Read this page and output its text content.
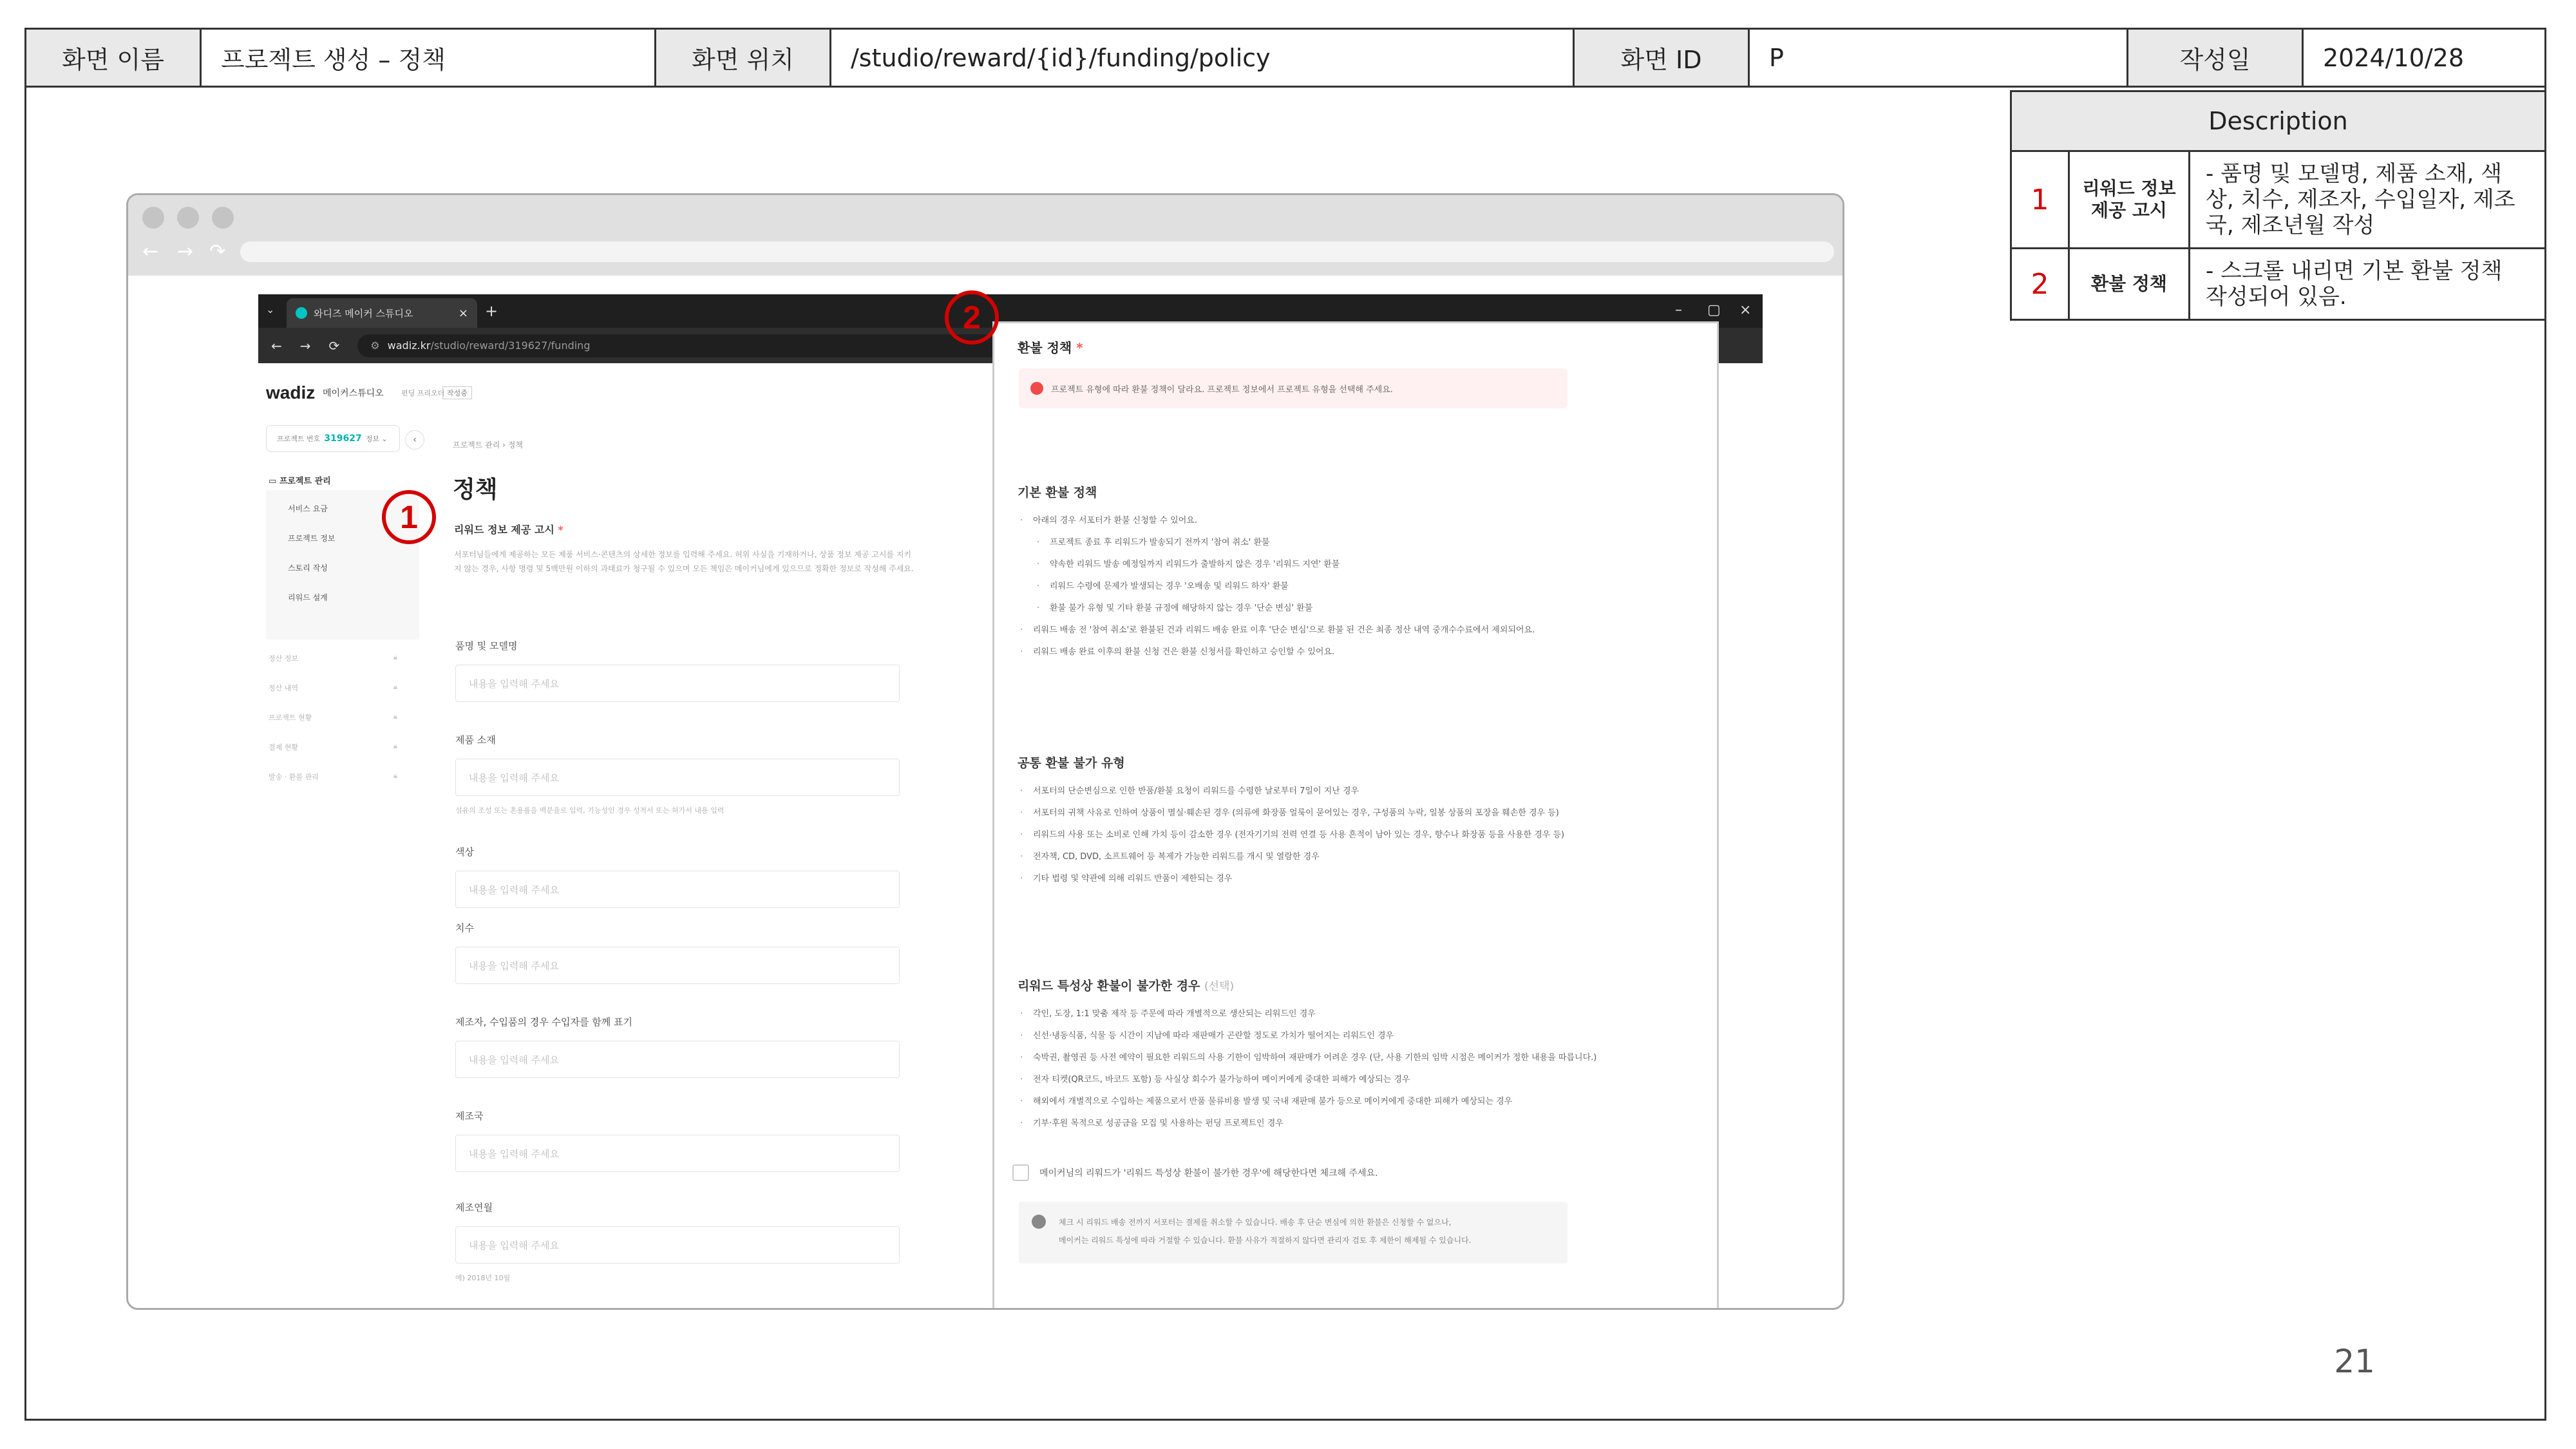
화면 이름	프로젝트 생성 – 정책	화면 위치	/studio/reward/{id}/funding/policy	화면 ID	P	작성일	2024/10/28
21
Description		
1	리워드 정보 제공 고시	- 품명 및 모델명, 제품 소재, 색상, 치수, 제조자, 수입일자, 제조국, 제조년월 작성
2	환불 정책	- 스크롤 내리면 기본 환불 정책 작성되어 있음.
← → ↷
⌄	와디즈 메이커 스튜디오	× +	– ▢ ×
← → ⟳	⚙ wadiz.kr/studio/reward/319627/funding
wadiz 메이커스튜디오 펀딩 프리오더 작성중
프로젝트 번호 319627 정보 ⌄	‹
▭ 프로젝트 관리
서비스 요금
프로젝트 정보
스토리 작성
리워드 설계
정산 정보
정산 내역
프로젝트 현황
결제 현황
발송 · 환불 관리
🔒︎
🔒︎
🔒︎
🔒︎
🔒︎
프로젝트 관리 › 정책
정책
리워드 정보 제공 고시 *
서포터님들에게 제공하는 모든 제품 서비스·콘텐츠의 상세한 정보를 입력해 주세요. 허위 사실을 기재하거나, 상품 정보 제공 고시를 지키지 않는 경우, 사항 명령 및 5백만원 이하의 과태료가 청구될 수 있으며 모든 책임은 메이커님에게 있으므로 정확한 정보로 작성해 주세요.
품명 및 모델명
내용을 입력해 주세요
제품 소재
내용을 입력해 주세요
섬유의 조성 또는 혼용률을 백분율로 입력, 기능성인 경우 성적서 또는 허가서 내용 입력
색상
내용을 입력해 주세요
치수
내용을 입력해 주세요
제조자, 수입품의 경우 수입자를 함께 표기
내용을 입력해 주세요
제조국
내용을 입력해 주세요
제조연월
내용을 입력해 주세요
예) 2018년 10월
환불 정책 *
프로젝트 유형에 따라 환불 정책이 달라요. 프로젝트 정보에서 프로젝트 유형을 선택해 주세요.
기본 환불 정책
· 아래의 경우 서포터가 환불 신청할 수 있어요.
· 프로젝트 종료 후 리워드가 발송되기 전까지 '참여 취소' 환불
· 약속한 리워드 발송 예정일까지 리워드가 출발하지 않은 경우 '리워드 지연' 환불
· 리워드 수령에 문제가 발생되는 경우 '오배송 및 리워드 하자' 환불
· 환불 불가 유형 및 기타 환불 규정에 해당하지 않는 경우 '단순 변심' 환불
· 리워드 배송 전 '참여 취소'로 환불된 건과 리워드 배송 완료 이후 '단순 변심'으로 환불 된 건은 최종 정산 내역 중개수수료에서 제외되어요.
· 리워드 배송 완료 이후의 환불 신청 건은 환불 신청서를 확인하고 승인할 수 있어요.
공통 환불 불가 유형
· 서포터의 단순변심으로 인한 반품/환불 요청이 리워드를 수령한 날로부터 7일이 지난 경우
· 서포터의 귀책 사유로 인하여 상품이 멸실·훼손된 경우 (의류에 화장품 얼룩이 묻어있는 경우, 구성품의 누락, 일봉 상품의 포장을 훼손한 경우 등)
· 리워드의 사용 또는 소비로 인해 가치 등이 감소한 경우 (전자기기의 전력 연결 등 사용 흔적이 남아 있는 경우, 향수나 화장품 등을 사용한 경우 등)
· 전자책, CD, DVD, 소프트웨어 등 복제가 가능한 리워드를 개시 및 열람한 경우
· 기타 법령 및 약관에 의해 리워드 반품이 제한되는 경우
리워드 특성상 환불이 불가한 경우 (선택)
· 각인, 도장, 1:1 맞춤 제작 등 주문에 따라 개별적으로 생산되는 리워드인 경우
· 신선·냉동식품, 식물 등 시간이 지남에 따라 재판매가 곤란할 정도로 가치가 떨어지는 리워드인 경우
· 숙박권, 촬영권 등 사전 예약이 필요한 리워드의 사용 기한이 임박하여 재판매가 어려운 경우 (단, 사용 기한의 임박 시점은 메이커가 정한 내용을 따릅니다.)
· 전자 티켓(QR코드, 바코드 포함) 등 사실상 회수가 불가능하여 메이커에게 중대한 피해가 예상되는 경우
· 해외에서 개별적으로 수입하는 제품으로서 반품 물류비용 발생 및 국내 재판매 불가 등으로 메이커에게 중대한 피해가 예상되는 경우
· 기부·후원 목적으로 성공금을 모집 및 사용하는 펀딩 프로젝트인 경우
메이커님의 리워드가 '리워드 특성상 환불이 불가한 경우'에 해당한다면 체크해 주세요.
체크 시 리워드 배송 전까지 서포터는 결제를 취소할 수 있습니다. 배송 후 단순 변심에 의한 환불은 신청할 수 없으나,
메이커는 리워드 특성에 따라 거절할 수 있습니다. 환불 사유가 적절하지 않다면 관리자 검토 후 제한이 해제될 수 있습니다.
1
2
